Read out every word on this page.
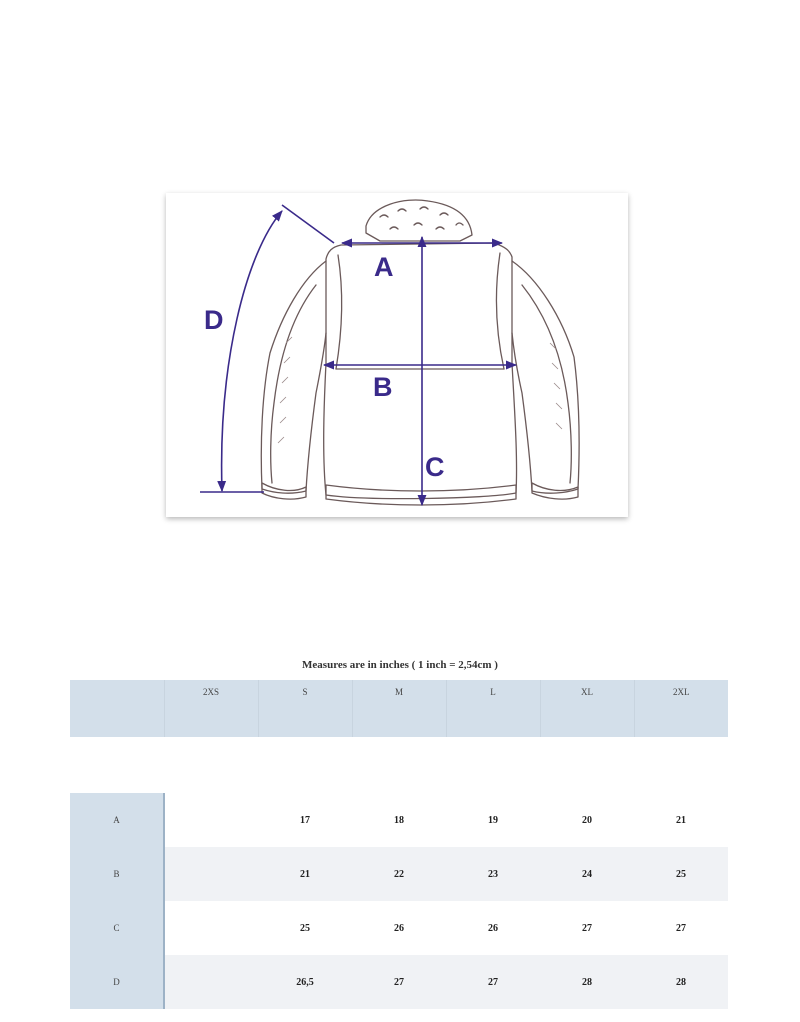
A
B
C
D
Measures are in inches ( 1 inch = 2,54cm )
	2XS	S	M	L	XL	2XL

A		17	18	19	20	21
B		21	22	23	24	25
C		25	26	26	27	27
D		26,5	27	27	28	28
